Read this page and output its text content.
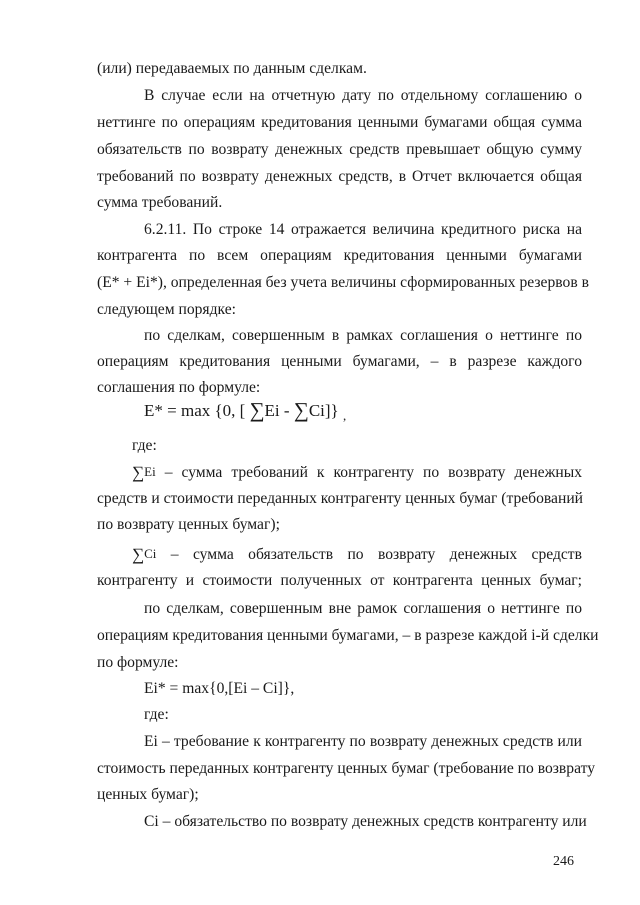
(или) передаваемых по данным сделкам.
В случае если на отчетную дату по отдельному соглашению о
неттинге по операциям кредитования ценными бумагами общая сумма
обязательств по возврату денежных средств превышает общую сумму
требований по возврату денежных средств, в Отчет включается общая
сумма требований.
6.2.11. По строке 14 отражается величина кредитного риска на
контрагента по всем операциям кредитования ценными бумагами
(E* + Ei*), определенная без учета величины сформированных резервов в
следующем порядке:
по сделкам, совершенным в рамках соглашения о неттинге по
операциям кредитования ценными бумагами, – в разрезе каждого
соглашения по формуле:
E* = max {0, [ ∑Ei - ∑Ci]} $_,$
где:
∑Ei – сумма требований к контрагенту по возврату денежных
средств и стоимости переданных контрагенту ценных бумаг (требований
по возврату ценных бумаг);
∑Ci – сумма обязательств по возврату денежных средств
контрагенту и стоимости полученных от контрагента ценных бумаг;
по сделкам, совершенным вне рамок соглашения о неттинге по
операциям кредитования ценными бумагами, – в разрезе каждой i-й сделки
по формуле:
Ei* = max{0,[Ei – Ci]},
где:
Ei – требование к контрагенту по возврату денежных средств или
стоимость переданных контрагенту ценных бумаг (требование по возврату
ценных бумаг);
Ci – обязательство по возврату денежных средств контрагенту или
246
